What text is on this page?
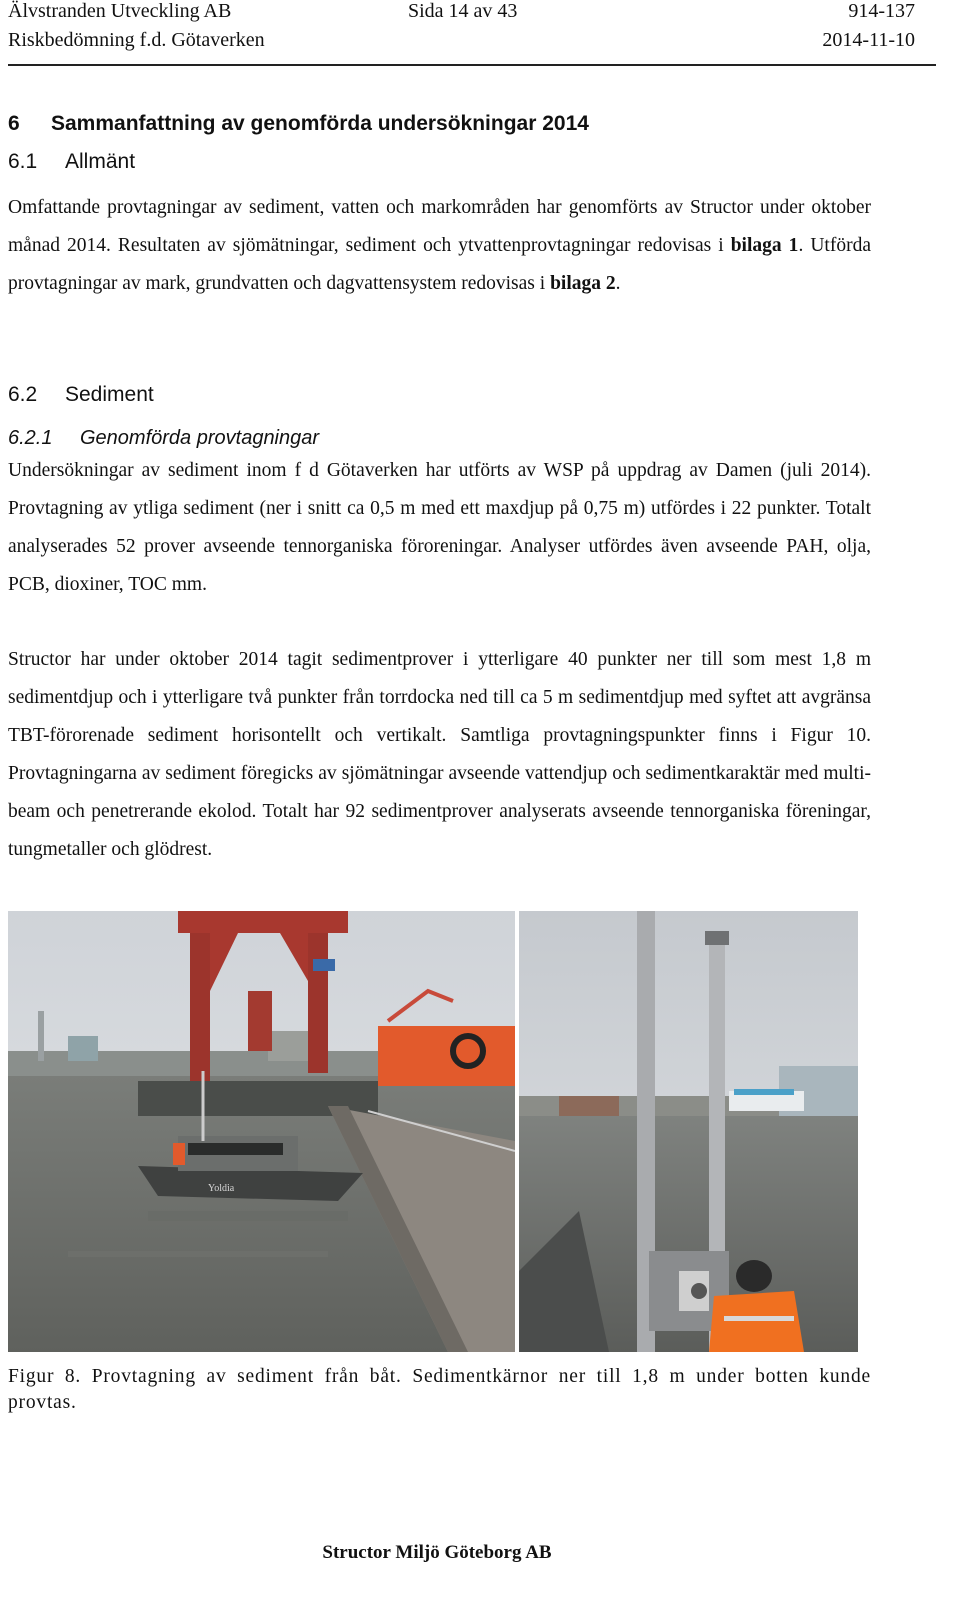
Älvstranden Utveckling AB	Sida 14 av 43	914-137
Riskbedömning f.d. Götaverken	2014-11-10
6 Sammanfattning av genomförda undersökningar 2014
6.1 Allmänt

Omfattande provtagningar av sediment, vatten och markområden har genomförts av Structor under oktober månad 2014. Resultaten av sjömätningar, sediment och ytvattenprovtagningar redovisas i bilaga 1. Utförda provtagningar av mark, grundvatten och dagvattensystem redovisas i bilaga 2.

6.2 Sediment
6.2.1 Genomförda provtagningar

Undersökningar av sediment inom f d Götaverken har utförts av WSP på uppdrag av Damen (juli 2014). Provtagning av ytliga sediment (ner i snitt ca 0,5 m med ett maxdjup på 0,75 m) utfördes i 22 punkter. Totalt analyserades 52 prover avseende tennorganiska föroreningar. Analyser utfördes även avseende PAH, olja, PCB, dioxiner, TOC mm.

Structor har under oktober 2014 tagit sedimentprover i ytterligare 40 punkter ner till som mest 1,8 m sedimentdjup och i ytterligare två punkter från torrdocka ned till ca 5 m sedimentdjup med syftet att avgränsa TBT-förorenade sediment horisontellt och vertikalt. Samtliga provtagningspunkter finns i Figur 10. Provtagningarna av sediment föregicks av sjömätningar avseende vattendjup och sedimentkaraktär med multi-beam och penetrerande ekolod. Totalt har 92 sedimentprover analyserats avseende tennorganiska föreningar, tungmetaller och glödrest.

Yoldia

Figur 8. Provtagning av sediment från båt. Sedimentkärnor ner till 1,8 m under botten kunde provtas.

Structor Miljö Göteborg AB
